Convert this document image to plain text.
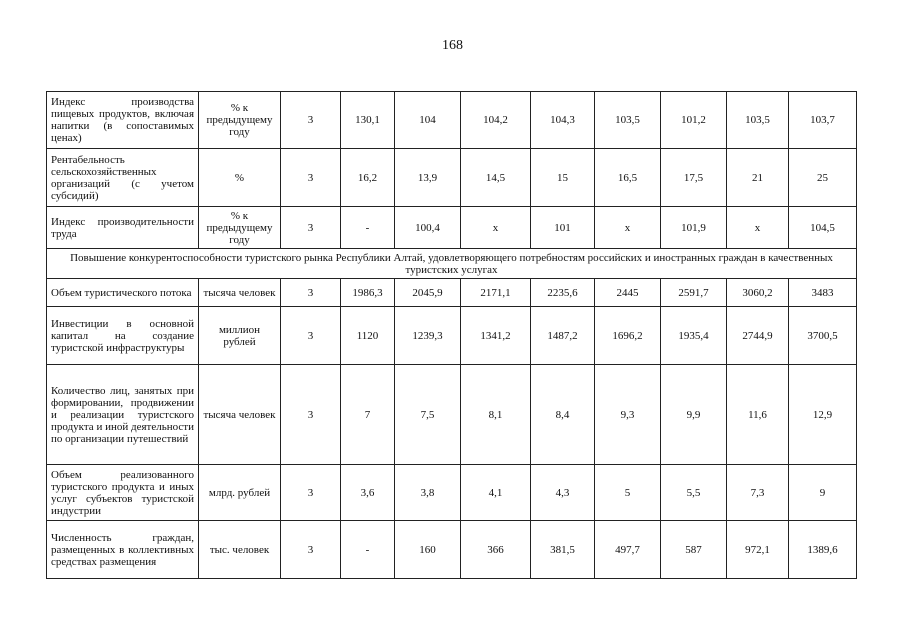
168
Индекс производства пищевых продуктов, включая напитки (в сопоставимых ценах)	% к предыдущему году	3	130,1	104	104,2	104,3	103,5	101,2	103,5	103,7
Рентабельность сельскохозяйственных организаций (с учетом субсидий)	%	3	16,2	13,9	14,5	15	16,5	17,5	21	25
Индекс производительности труда	% к предыдущему году	3	-	100,4	x	101	x	101,9	x	104,5
Повышение конкурентоспособности туристского рынка Республики Алтай, удовлетворяющего потребностям российских и иностранных граждан в качественных туристских услугах										
Объем туристического потока	тысяча человек	3	1986,3	2045,9	2171,1	2235,6	2445	2591,7	3060,2	3483
Инвестиции в основной капитал на создание туристской инфраструктуры	миллион рублей	3	1120	1239,3	1341,2	1487,2	1696,2	1935,4	2744,9	3700,5
Количество лиц, занятых при формировании, продвижении и реализации туристского продукта и иной деятельности по организации путешествий	тысяча человек	3	7	7,5	8,1	8,4	9,3	9,9	11,6	12,9
Объем реализованного туристского продукта и иных услуг субъектов туристской индустрии	млрд. рублей	3	3,6	3,8	4,1	4,3	5	5,5	7,3	9
Численность граждан, размещенных в коллективных средствах размещения	тыс. человек	3	-	160	366	381,5	497,7	587	972,1	1389,6
